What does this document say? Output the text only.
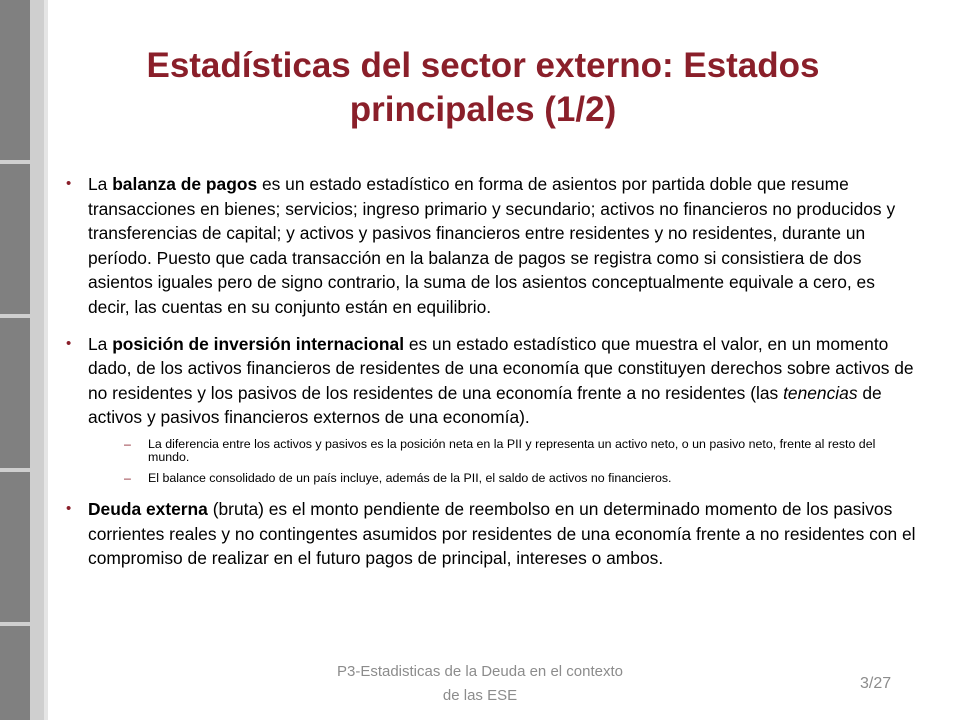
Estadísticas del sector externo: Estados principales (1/2)
• La balanza de pagos es un estado estadístico en forma de asientos por partida doble que resume transacciones en bienes; servicios; ingreso primario y secundario; activos no financieros no producidos y transferencias de capital; y activos y pasivos financieros entre residentes y no residentes, durante un período. Puesto que cada transacción en la balanza de pagos se registra como si consistiera de dos asientos iguales pero de signo contrario, la suma de los asientos conceptualmente equivale a cero, es decir, las cuentas en su conjunto están en equilibrio.
• La posición de inversión internacional es un estado estadístico que muestra el valor, en un momento dado, de los activos financieros de residentes de una economía que constituyen derechos sobre activos de no residentes y los pasivos de los residentes de una economía frente a no residentes (las tenencias de activos y pasivos financieros externos de una economía).
– La diferencia entre los activos y pasivos es la posición neta en la PII y representa un activo neto, o un pasivo neto, frente al resto del mundo.
– El balance consolidado de un país incluye, además de la PII, el saldo de activos no financieros.
• Deuda externa (bruta) es el monto pendiente de reembolso en un determinado momento de los pasivos corrientes reales y no contingentes asumidos por residentes de una economía frente a no residentes con el compromiso de realizar en el futuro pagos de principal, intereses o ambos.
P3-Estadisticas de la Deuda en el contexto de las ESE
3/27
